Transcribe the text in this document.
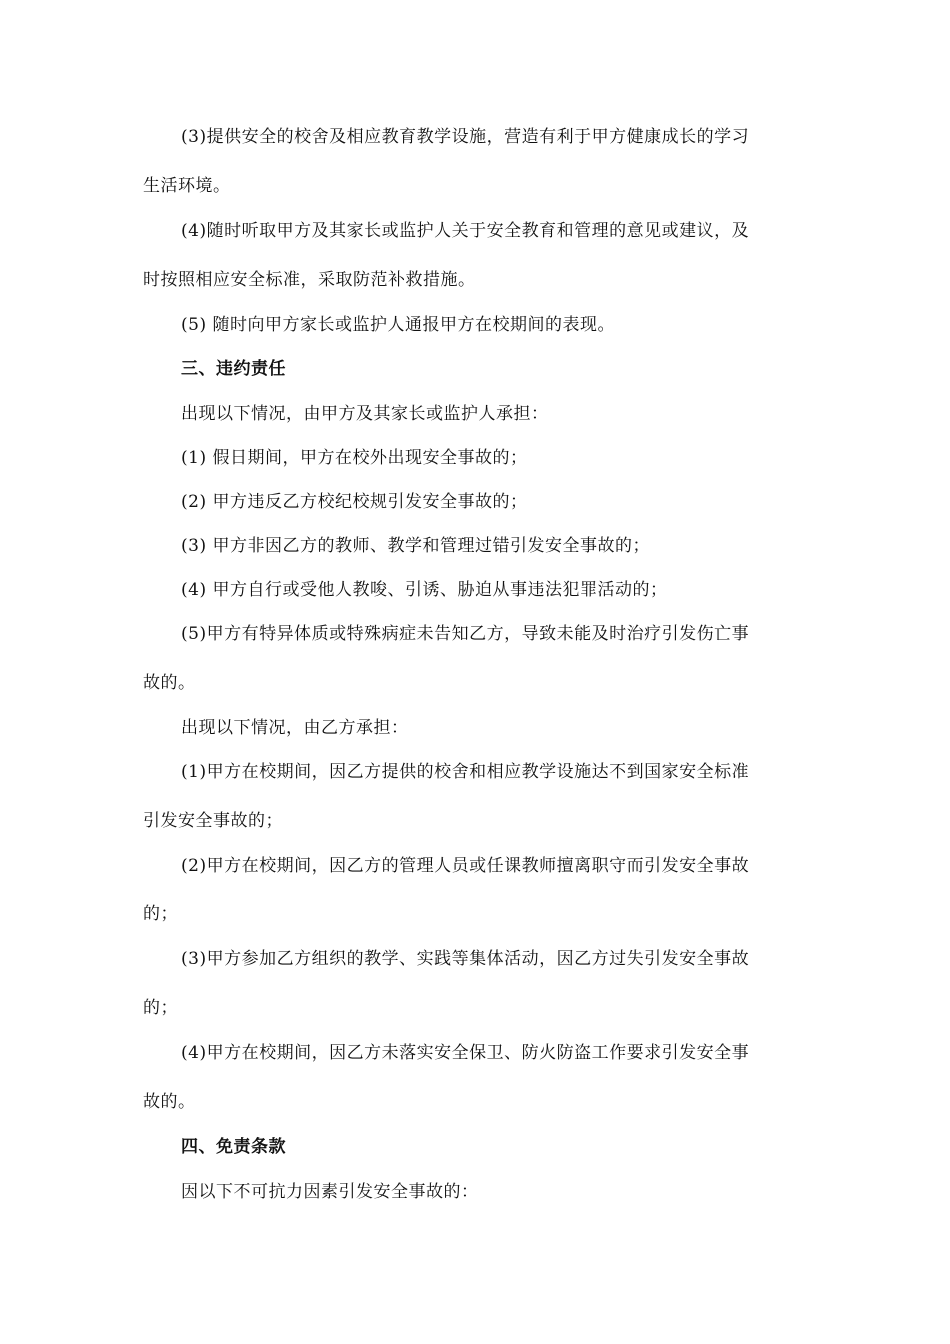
(3)提供安全的校舍及相应教育教学设施，营造有利于甲方健康成长的学习
生活环境。
(4)随时听取甲方及其家长或监护人关于安全教育和管理的意见或建议，及
时按照相应安全标准，采取防范补救措施。
(5) 随时向甲方家长或监护人通报甲方在校期间的表现。
三、违约责任
出现以下情况，由甲方及其家长或监护人承担：
(1) 假日期间，甲方在校外出现安全事故的；
(2) 甲方违反乙方校纪校规引发安全事故的；
(3) 甲方非因乙方的教师、教学和管理过错引发安全事故的；
(4) 甲方自行或受他人教唆、引诱、胁迫从事违法犯罪活动的；
(5)甲方有特异体质或特殊病症未告知乙方，导致未能及时治疗引发伤亡事
故的。
出现以下情况，由乙方承担：
(1)甲方在校期间，因乙方提供的校舍和相应教学设施达不到国家安全标准
引发安全事故的；
(2)甲方在校期间，因乙方的管理人员或任课教师擅离职守而引发安全事故
的；
(3)甲方参加乙方组织的教学、实践等集体活动，因乙方过失引发安全事故
的；
(4)甲方在校期间，因乙方未落实安全保卫、防火防盗工作要求引发安全事
故的。
四、免责条款
因以下不可抗力因素引发安全事故的：
